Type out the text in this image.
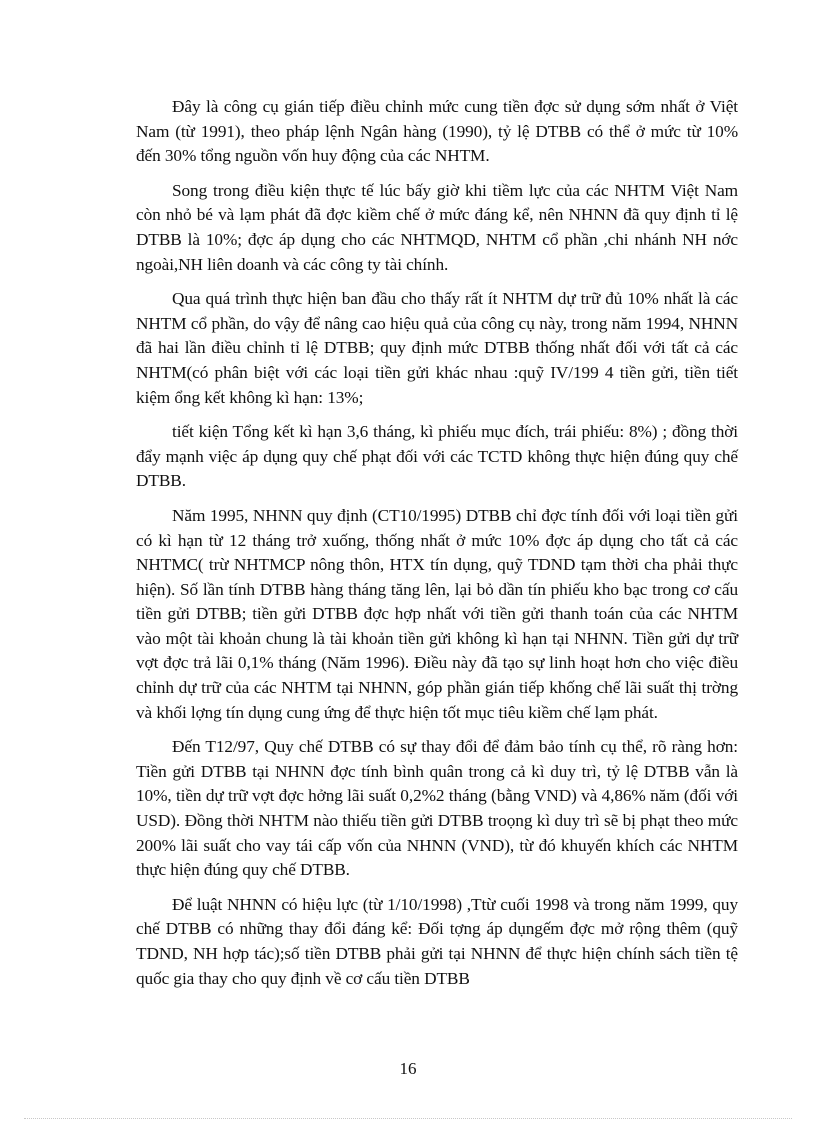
Đây là công cụ gián tiếp điều chỉnh mức cung tiền đợc sử dụng sớm nhất ở Việt Nam (từ 1991), theo pháp lệnh Ngân hàng (1990), tỷ lệ DTBB có thể ở mức từ 10% đến 30% tổng nguồn vốn huy động của các NHTM.

Song trong điều kiện thực tế lúc bấy giờ khi tiềm lực của các NHTM Việt Nam còn nhỏ bé và lạm phát đã đợc kiềm chế ở mức đáng kể, nên NHNN đã quy định tỉ lệ DTBB là 10%; đợc áp dụng cho các NHTMQD, NHTM cổ phần ,chi nhánh NH nớc ngoài,NH liên doanh và các công ty tài chính.

Qua quá trình thực hiện ban đầu cho thấy rất ít NHTM dự trữ đủ 10% nhất là các NHTM cổ phần, do vậy để nâng cao hiệu quả của công cụ này, trong năm 1994, NHNN đã hai lần điều chỉnh tỉ lệ DTBB; quy định mức DTBB thống nhất đối với tất cả các NHTM(có phân biệt với các loại tiền gửi khác nhau :quỹ IV/199 4 tiền gửi, tiền tiết kiệm ổng kết không kì hạn: 13%;

tiết kiện Tổng kết kì hạn 3,6 tháng, kì phiếu mục đích, trái phiếu: 8%) ; đồng thời đẩy mạnh việc áp dụng quy chế phạt đối với các TCTD không thực hiện đúng quy chế DTBB.

Năm 1995, NHNN quy định (CT10/1995) DTBB chỉ đợc tính đối với loại tiền gửi có kì hạn từ 12 tháng trở xuống, thống nhất ở mức 10% đợc áp dụng cho tất cả các NHTMC( trừ NHTMCP nông thôn, HTX tín dụng, quỹ TDND tạm thời cha phải thực hiện). Số lần tính DTBB hàng tháng tăng lên, lại bỏ dần tín phiếu kho bạc trong cơ cấu tiền gửi DTBB; tiền gửi DTBB đợc hợp nhất với tiền gửi thanh toán của các NHTM vào một tài khoản chung là tài khoản tiền gửi không kì hạn tại NHNN. Tiền gửi dự trữ vợt đợc trả lãi 0,1% tháng (Năm 1996). Điều này đã tạo sự linh hoạt hơn cho việc điều chỉnh dự trữ của các NHTM tại NHNN, góp phần gián tiếp khống chế lãi suất thị trờng và khối lợng tín dụng cung ứng để thực hiện tốt mục tiêu kiềm chế lạm phát.

Đến T12/97, Quy chế DTBB có sự thay đổi để đảm bảo tính cụ thể, rõ ràng hơn: Tiền gửi DTBB tại NHNN đợc tính bình quân trong cả kì duy trì, tỷ lệ DTBB vẫn là 10%, tiền dự trữ vợt đợc hởng lãi suất 0,2%2 tháng (bằng VND) và 4,86% năm (đối với USD). Đồng thời NHTM nào thiếu tiền gửi DTBB troọng kì duy trì sẽ bị phạt theo mức 200% lãi suất cho vay tái cấp vốn của NHNN (VND), từ đó khuyến khích các NHTM thực hiện đúng quy chế DTBB.

Để luật NHNN có hiệu lực (từ 1/10/1998) ,Ttừ cuối 1998 và trong năm 1999, quy chế DTBB có những thay đổi đáng kể: Đối tợng áp dụngếm đợc mở rộng thêm (quỹ TDND, NH hợp tác);số tiền DTBB phải gửi tại NHNN để thực hiện chính sách tiền tệ quốc gia thay cho quy định về cơ cấu tiền DTBB

16
